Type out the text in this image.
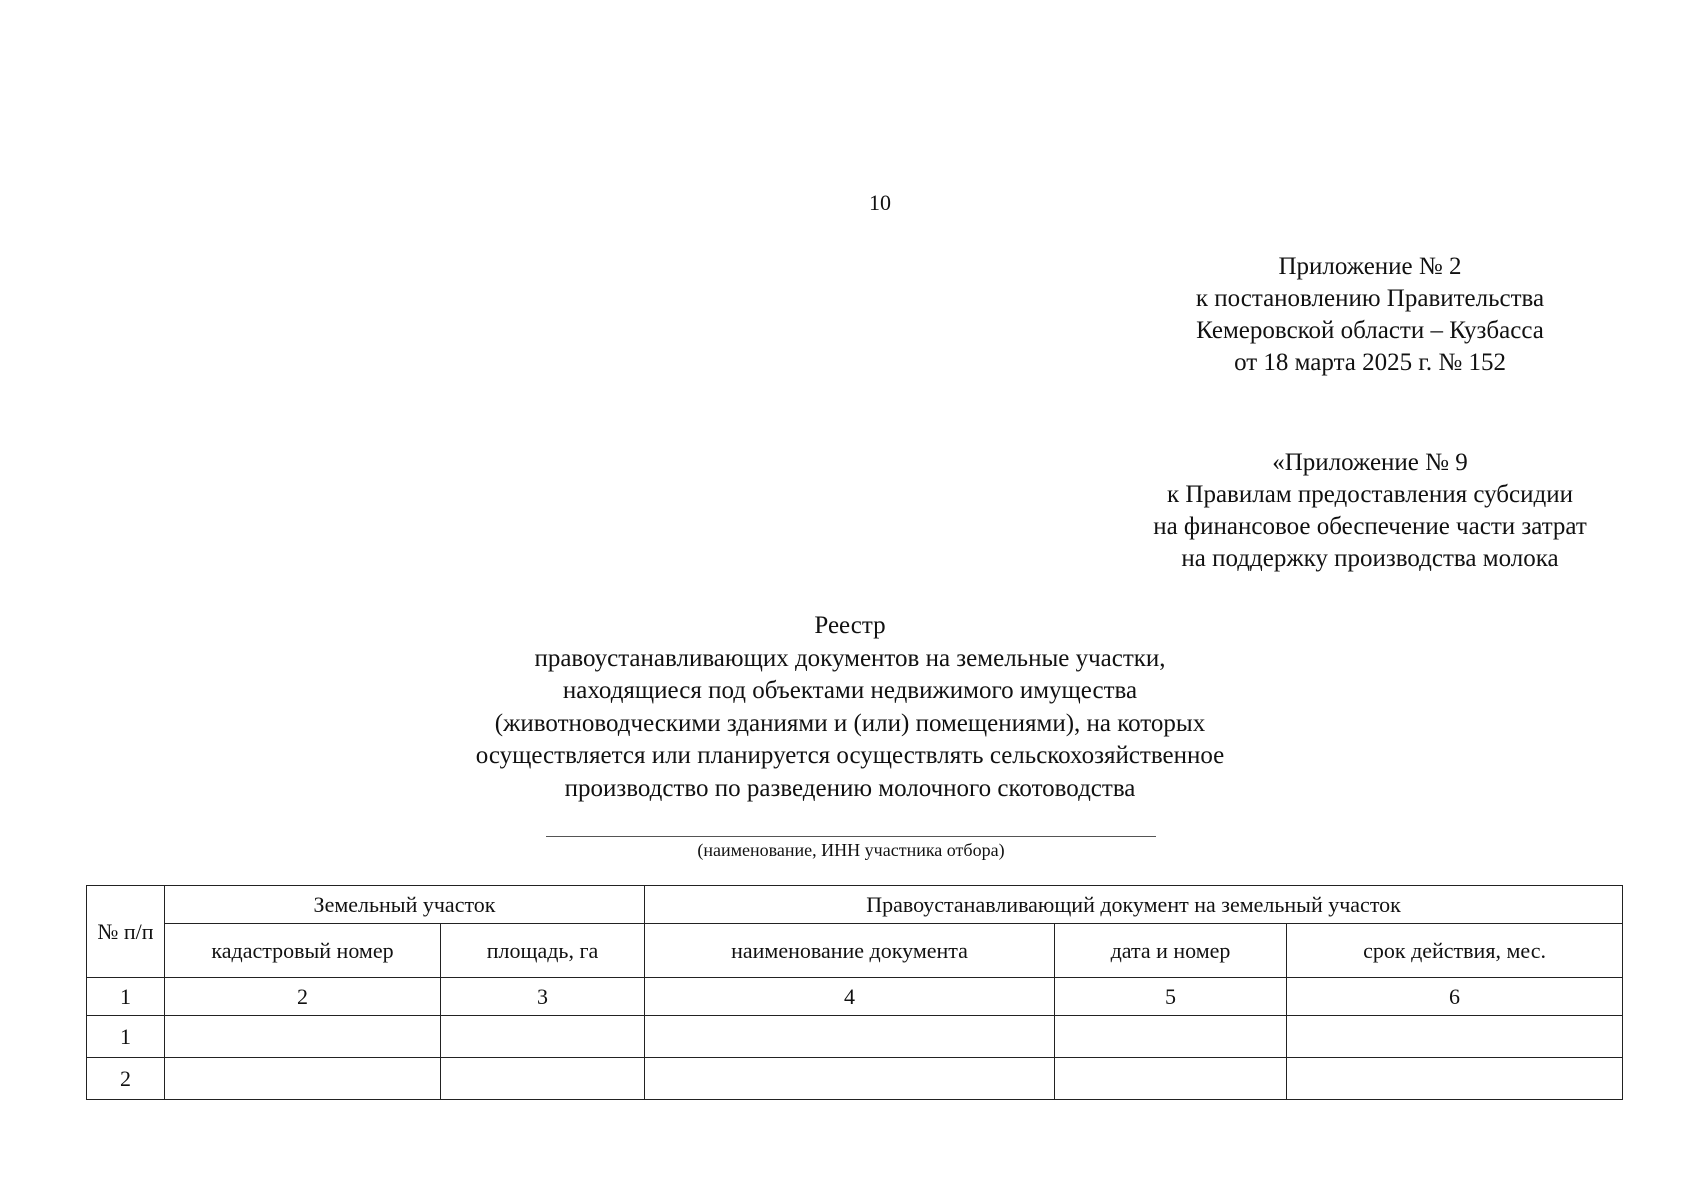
10
Приложение № 2
к постановлению Правительства
Кемеровской области – Кузбасса
от 18 марта 2025 г. № 152
«Приложение № 9
к Правилам предоставления субсидии
на финансовое обеспечение части затрат
на поддержку производства молока
Реестр
правоустанавливающих документов на земельные участки,
находящиеся под объектами недвижимого имущества
(животноводческими зданиями и (или) помещениями), на которых
осуществляется или планируется осуществлять сельскохозяйственное
производство по разведению молочного скотоводства
(наименование, ИНН участника отбора)
№ п/п	Земельный участок		Правоустанавливающий документ на земельный участок		
	кадастровый номер	площадь, га	наименование документа	дата и номер	срок действия, мес.
1	2	3	4	5	6
1					
2					
